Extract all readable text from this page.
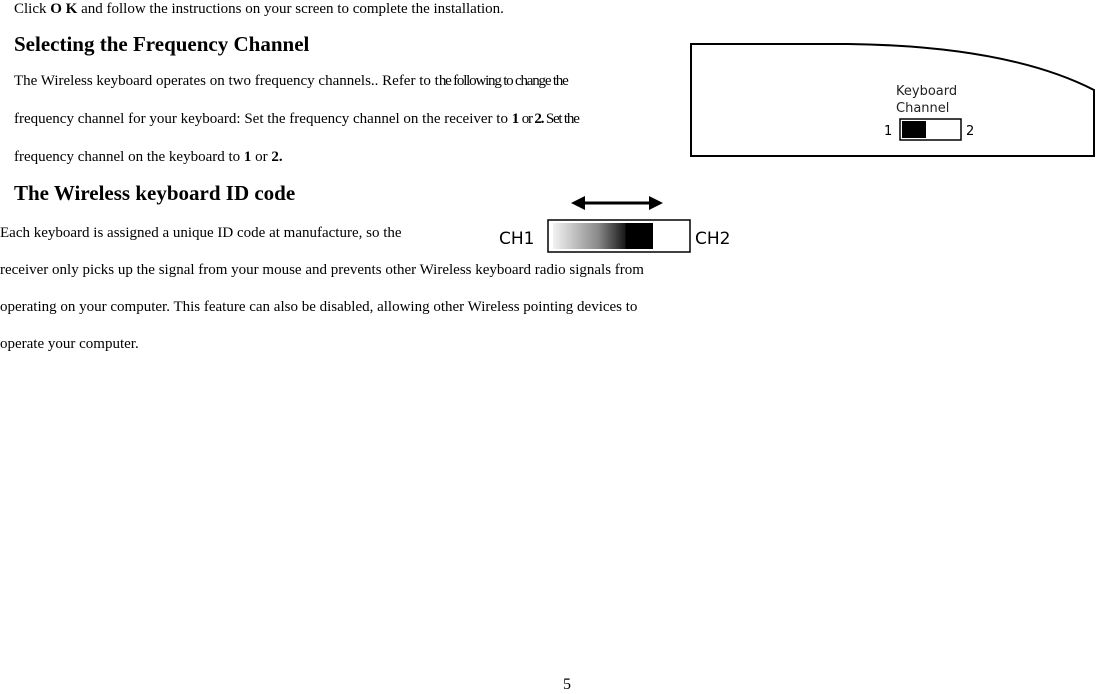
Click O K and follow the instructions on your screen to complete the installation.
Selecting the Frequency Channel
The Wireless keyboard operates on two frequency channels.. Refer to the following to change the
frequency channel for your keyboard: Set the frequency channel on the receiver to 1 or 2. Set the
frequency channel on the keyboard to 1 or 2.
Keyboard
Channel
1	2
The Wireless keyboard ID code
Each keyboard is assigned a unique ID code at manufacture, so the
receiver only picks up the signal from your mouse and prevents other Wireless keyboard radio signals from
operating on your computer. This feature can also be disabled, allowing other Wireless pointing devices to
operate your computer.
CH1	CH2
5
